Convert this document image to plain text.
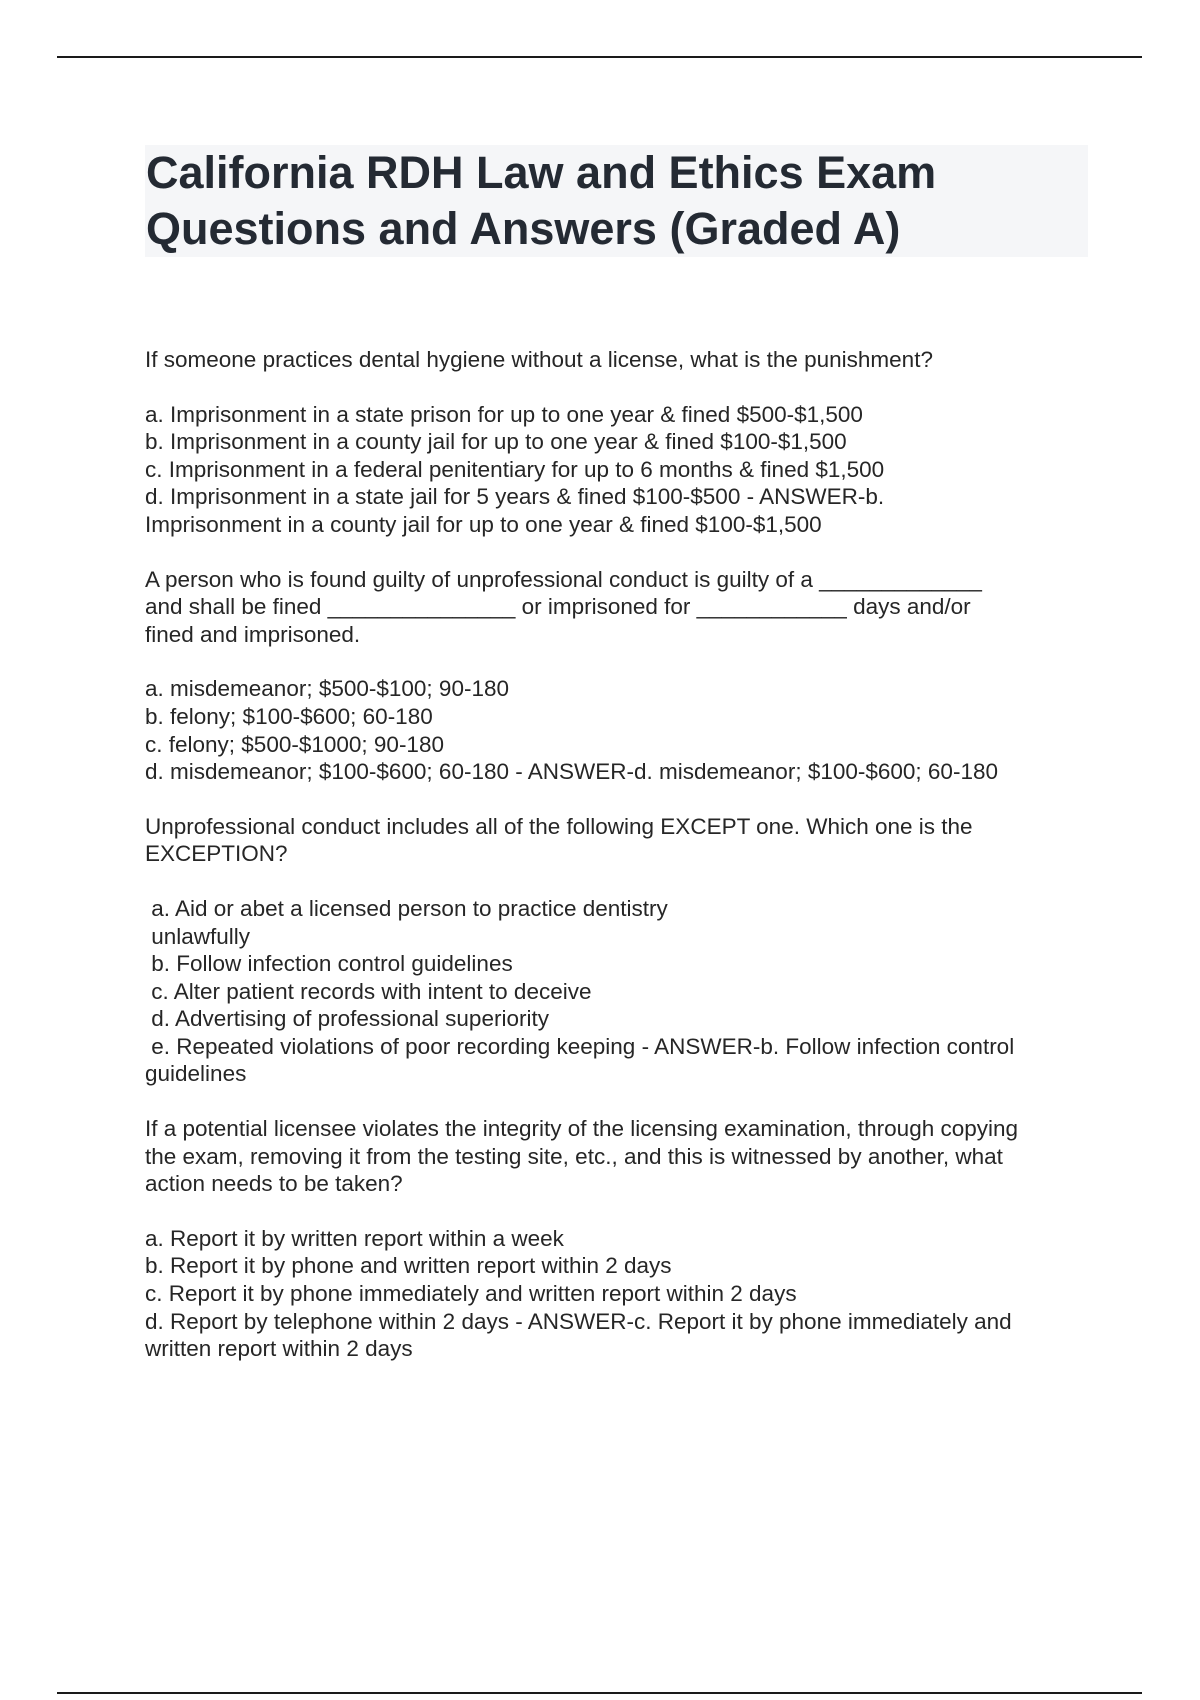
California RDH Law and Ethics Exam
Questions and Answers (Graded A)
If someone practices dental hygiene without a license, what is the punishment?
a. Imprisonment in a state prison for up to one year & fined $500-$1,500
b. Imprisonment in a county jail for up to one year & fined $100-$1,500
c. Imprisonment in a federal penitentiary for up to 6 months & fined $1,500
d. Imprisonment in a state jail for 5 years & fined $100-$500 - ANSWER-b.
Imprisonment in a county jail for up to one year & fined $100-$1,500
A person who is found guilty of unprofessional conduct is guilty of a _____________
and shall be fined _______________ or imprisoned for ____________ days and/or
fined and imprisoned.
a. misdemeanor; $500-$100; 90-180
b. felony; $100-$600; 60-180
c. felony; $500-$1000; 90-180
d. misdemeanor; $100-$600; 60-180 - ANSWER-d. misdemeanor; $100-$600; 60-180
Unprofessional conduct includes all of the following EXCEPT one. Which one is the
EXCEPTION?
a. Aid or abet a licensed person to practice dentistry
unlawfully
b. Follow infection control guidelines
c. Alter patient records with intent to deceive
d. Advertising of professional superiority
e. Repeated violations of poor recording keeping - ANSWER-b. Follow infection control
guidelines
If a potential licensee violates the integrity of the licensing examination, through copying
the exam, removing it from the testing site, etc., and this is witnessed by another, what
action needs to be taken?
a. Report it by written report within a week
b. Report it by phone and written report within 2 days
c. Report it by phone immediately and written report within 2 days
d. Report by telephone within 2 days - ANSWER-c. Report it by phone immediately and
written report within 2 days
